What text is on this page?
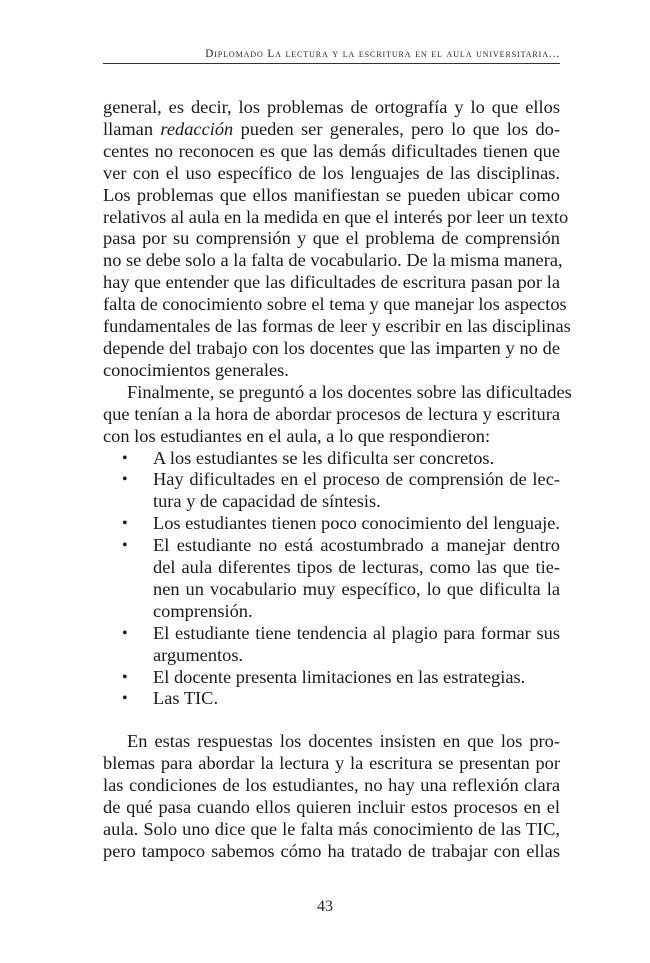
Diplomado La lectura y la escritura en el aula universitaria...

general, es decir, los problemas de ortografía y lo que ellos
llaman redacción pueden ser generales, pero lo que los do-
centes no reconocen es que las demás dificultades tienen que
ver con el uso específico de los lenguajes de las disciplinas.
Los problemas que ellos manifiestan se pueden ubicar como
relativos al aula en la medida en que el interés por leer un texto
pasa por su comprensión y que el problema de comprensión
no se debe solo a la falta de vocabulario. De la misma manera,
hay que entender que las dificultades de escritura pasan por la
falta de conocimiento sobre el tema y que manejar los aspectos
fundamentales de las formas de leer y escribir en las disciplinas
depende del trabajo con los docentes que las imparten y no de
conocimientos generales.

Finalmente, se preguntó a los docentes sobre las dificultades
que tenían a la hora de abordar procesos de lectura y escritura
con los estudiantes en el aula, a lo que respondieron:

• A los estudiantes se les dificulta ser concretos.
• Hay dificultades en el proceso de comprensión de lec-
tura y de capacidad de síntesis.
• Los estudiantes tienen poco conocimiento del lenguaje.
• El estudiante no está acostumbrado a manejar dentro
del aula diferentes tipos de lecturas, como las que tie-
nen un vocabulario muy específico, lo que dificulta la
comprensión.
• El estudiante tiene tendencia al plagio para formar sus
argumentos.
• El docente presenta limitaciones en las estrategias.
• Las TIC.

En estas respuestas los docentes insisten en que los pro-
blemas para abordar la lectura y la escritura se presentan por
las condiciones de los estudiantes, no hay una reflexión clara
de qué pasa cuando ellos quieren incluir estos procesos en el
aula. Solo uno dice que le falta más conocimiento de las TIC,
pero tampoco sabemos cómo ha tratado de trabajar con ellas

43
